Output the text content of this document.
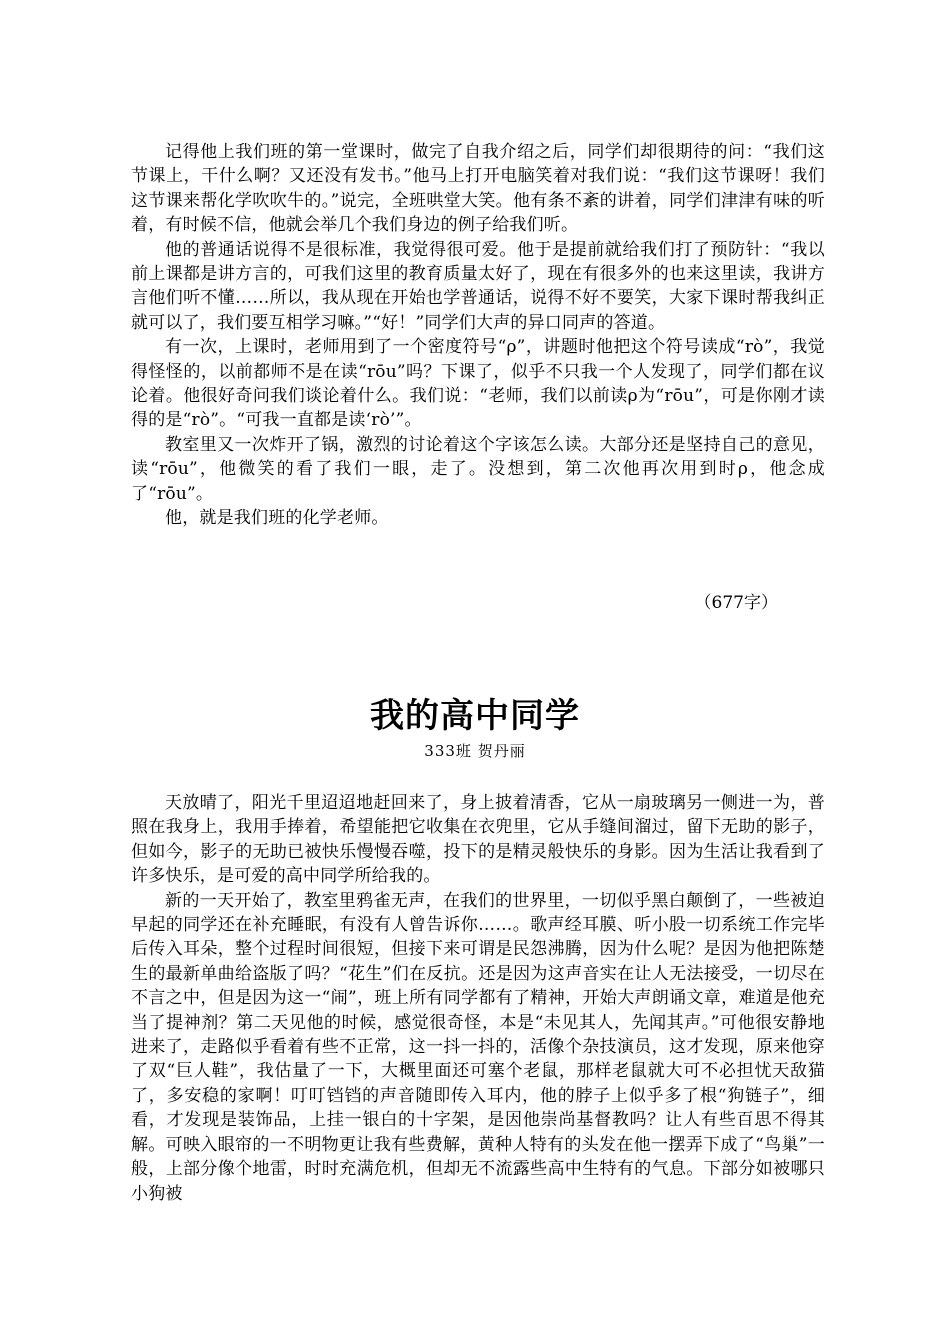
记得他上我们班的第一堂课时，做完了自我介绍之后，同学们却很期待的问：“我们这节课上，干什么啊？又还没有发书。”他马上打开电脑笑着对我们说：“我们这节课呀！我们这节课来帮化学吹吹牛的。”说完，全班哄堂大笑。他有条不紊的讲着，同学们津津有味的听着，有时候不信，他就会举几个我们身边的例子给我们听。

他的普通话说得不是很标准，我觉得很可爱。他于是提前就给我们打了预防针：“我以前上课都是讲方言的，可我们这里的教育质量太好了，现在有很多外的也来这里读，我讲方言他们听不懂……所以，我从现在开始也学普通话，说得不好不要笑，大家下课时帮我纠正就可以了，我们要互相学习嘛。”“好！”同学们大声的异口同声的答道。

有一次，上课时，老师用到了一个密度符号“ρ”，讲题时他把这个符号读成“rò”，我觉得怪怪的，以前都师不是在读“rōu”吗？下课了，似乎不只我一个人发现了，同学们都在议论着。他很好奇问我们谈论着什么。我们说：“老师，我们以前读ρ为“rōu”，可是你刚才读得的是“rò”。“可我一直都是读‘rò’”。

教室里又一次炸开了锅，激烈的讨论着这个字该怎么读。大部分还是坚持自己的意见，读“rōu”，他微笑的看了我们一眼，走了。没想到，第二次他再次用到时ρ，他念成了“rōu”。

他，就是我们班的化学老师。

（677字）
我的高中同学
333班 贺丹丽

天放晴了，阳光千里迢迢地赶回来了，身上披着清香，它从一扇玻璃另一侧进一为，普照在我身上，我用手捧着，希望能把它收集在衣兜里，它从手缝间溜过，留下无助的影子，但如今，影子的无助已被快乐慢慢吞噬，投下的是精灵般快乐的身影。因为生活让我看到了许多快乐，是可爱的高中同学所给我的。

新的一天开始了，教室里鸦雀无声，在我们的世界里，一切似乎黑白颠倒了，一些被迫早起的同学还在补充睡眠，有没有人曾告诉你……。歌声经耳膜、听小股一切系统工作完毕后传入耳朵，整个过程时间很短，但接下来可谓是民怨沸腾，因为什么呢？是因为他把陈楚生的最新单曲给盗版了吗？“花生”们在反抗。还是因为这声音实在让人无法接受，一切尽在不言之中，但是因为这一“闹”，班上所有同学都有了精神，开始大声朗诵文章，难道是他充当了提神剂？第二天见他的时候，感觉很奇怪，本是“未见其人，先闻其声。”可他很安静地进来了，走路似乎看着有些不正常，这一抖一抖的，活像个杂技演员，这才发现，原来他穿了双“巨人鞋”，我估量了一下，大概里面还可塞个老鼠，那样老鼠就大可不必担忧天敌猫了，多安稳的家啊！叮叮铛铛的声音随即传入耳内，他的脖子上似乎多了根“狗链子”，细看，才发现是装饰品，上挂一银白的十字架，是因他崇尚基督教吗？让人有些百思不得其解。可映入眼帘的一不明物更让我有些费解，黄种人特有的头发在他一摆弄下成了“鸟巢”一般，上部分像个地雷，时时充满危机，但却无不流露些高中生特有的气息。下部分如被哪只小狗被
